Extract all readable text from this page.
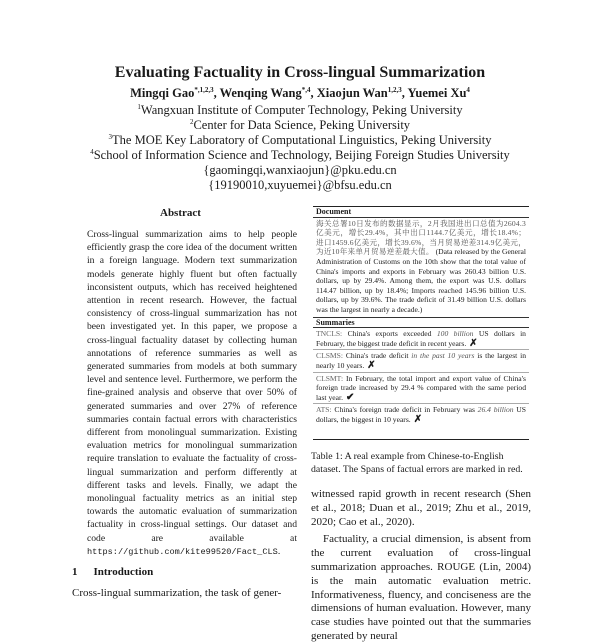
Evaluating Factuality in Cross-lingual Summarization
Mingqi Gao$^{*,1,2,3}$, Wenqing Wang$^{*,4}$, Xiaojun Wan$^{1,2,3}$, Yuemei Xu$^4$
$^1$Wangxuan Institute of Computer Technology, Peking University
$^2$Center for Data Science, Peking University
$^3$The MOE Key Laboratory of Computational Linguistics, Peking University
$^4$School of Information Science and Technology, Beijing Foreign Studies University
{gaomingqi,wanxiaojun}@pku.edu.cn
{19190010,xuyuemei}@bfsu.edu.cn
Abstract

Cross-lingual summarization aims to help people efficiently grasp the core idea of the document written in a foreign language. Modern text summarization models generate highly fluent but often factually inconsistent outputs, which has received heightened attention in recent research. However, the factual consistency of cross-lingual summarization has not been investigated yet. In this paper, we propose a cross-lingual factuality dataset by collecting human annotations of reference summaries as well as generated summaries from models at both summary level and sentence level. Furthermore, we perform the fine-grained analysis and observe that over 50% of generated summaries and over 27% of reference summaries contain factual errors with characteristics different from monolingual summarization. Existing evaluation metrics for monolingual summarization require translation to evaluate the factuality of cross-lingual summarization and perform differently at different tasks and levels. Finally, we adapt the monolingual factuality metrics as an initial step towards the automatic evaluation of summarization factuality in cross-lingual settings. Our dataset and code are available at https://github.com/kite99520/Fact_CLS.

1 Introduction
Cross-lingual summarization, the task of gener-
Document
海关总署10日发布的数据显示，2月我国进出口总值为2604.3亿美元，增长29.4%，其中出口1144.7亿美元，增长18.4%；进口1459.6亿美元，增长39.6%，当月贸易逆差314.9亿美元，为近10年来单月贸易逆差最大值。 (Data released by the General Administration of Customs on the 10th show that the total value of China's imports and exports in February was 260.43 billion U.S. dollars, up by 29.4%. Among them, the export was U.S. dollars 114.47 billion, up by 18.4%; Imports reached 145.96 billion U.S. dollars, up by 39.6%. The trade deficit of 31.49 billion U.S. dollars was the largest in nearly a decade.)
Summaries
TNCLS: China's exports exceeded 100 billion US dollars in February, the biggest trade deficit in recent years. ✗
CLSMS: China's trade deficit in the past 10 years is the largest in nearly 10 years. ✗
CLSMT: In February, the total import and export value of China's foreign trade increased by 29.4 % compared with the same period last year. ✔
ATS: China's foreign trade deficit in February was 26.4 billion US dollars, the biggest in 10 years. ✗
Table 1: A real example from Chinese-to-English dataset. The Spans of factual errors are marked in red.

witnessed rapid growth in recent research (Shen et al., 2018; Duan et al., 2019; Zhu et al., 2019, 2020; Cao et al., 2020).

Factuality, a crucial dimension, is absent from the current evaluation of cross-lingual summarization approaches. ROUGE (Lin, 2004) is the main automatic evaluation metric. Informativeness, fluency, and conciseness are the dimensions of human evaluation. However, many case studies have pointed out that the summaries generated by neural
